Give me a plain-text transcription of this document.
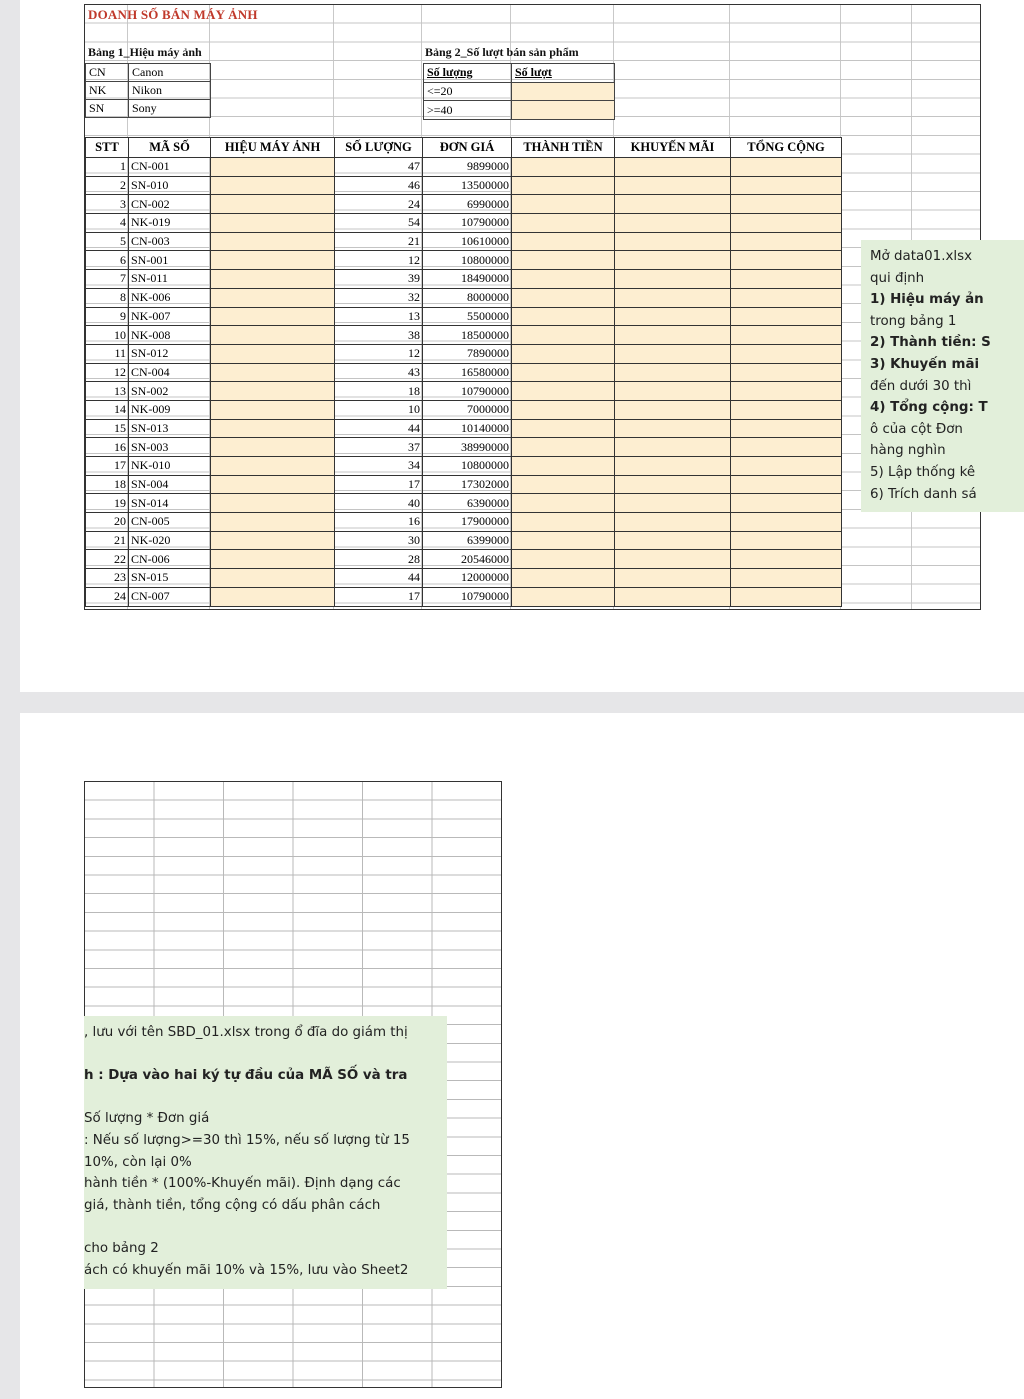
DOANH SỐ BÁN MÁY ẢNH
Bảng 1_Hiệu máy ảnh	Bảng 2_Số lượt bán sản phẩm
CN	Canon
NK	Nikon
SN	Sony
Số lượng	Số lượt
<=20	
>=40	
STT	MÃ SỐ	HIỆU MÁY ẢNH	SỐ LƯỢNG	ĐƠN GIÁ	THÀNH TIỀN	KHUYẾN MÃI	TỔNG CỘNG
1	CN-001		47	9899000			
2	SN-010		46	13500000			
3	CN-002		24	6990000			
4	NK-019		54	10790000			
5	CN-003		21	10610000			
6	SN-001		12	10800000			
7	SN-011		39	18490000			
8	NK-006		32	8000000			
9	NK-007		13	5500000			
10	NK-008		38	18500000			
11	SN-012		12	7890000			
12	CN-004		43	16580000			
13	SN-002		18	10790000			
14	NK-009		10	7000000			
15	SN-013		44	10140000			
16	SN-003		37	38990000			
17	NK-010		34	10800000			
18	SN-004		17	17302000			
19	SN-014		40	6390000			
20	CN-005		16	17900000			
21	NK-020		30	6399000			
22	CN-006		28	20546000			
23	SN-015		44	12000000			
24	CN-007		17	10790000			
Mở data01.xlsx
qui định
1) Hiệu máy ản
trong bảng 1
2) Thành tiền: S
3) Khuyến mãi
đến dưới 30 thì
4) Tổng cộng: T
ô của cột Đơn
hàng nghìn
5) Lập thống kê
6) Trích danh sá
, lưu với tên SBD_01.xlsx trong ổ đĩa do giám thị
h : Dựa vào hai ký tự đầu của MÃ SỐ và tra
Số lượng * Đơn giá
: Nếu số lượng>=30 thì 15%, nếu số lượng từ 15
10%, còn lại 0%
hành tiền * (100%-Khuyến mãi). Định dạng các
giá, thành tiền, tổng cộng có dấu phân cách
cho bảng 2
ách có khuyến mãi 10% và 15%, lưu vào Sheet2
